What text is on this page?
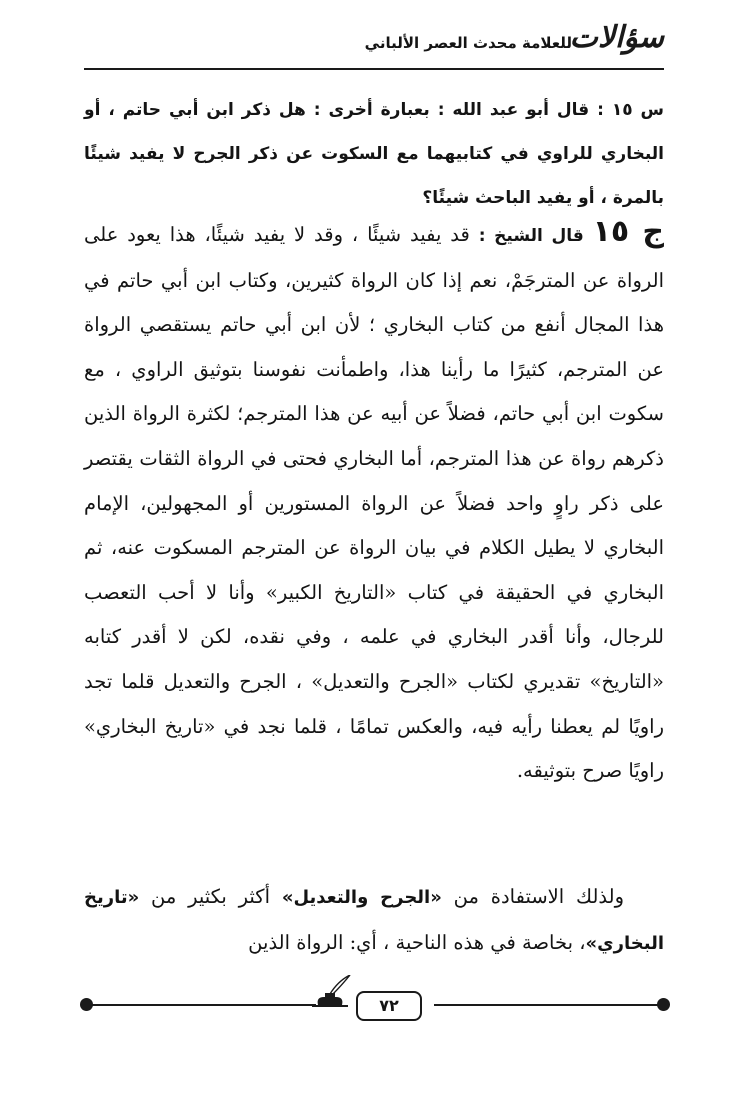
سؤالات
للعلامة محدث العصر الألباني
س ١٥ : قال أبو عبد الله : بعبارة أخرى : هل ذكر ابن أبي حاتم ، أو البخاري للراوي في كتابيهما مع السكوت عن ذكر الجرح لا يفيد شيئًا بالمرة ، أو يفيد الباحث شيئًا؟
ج ١٥ قال الشيخ : قد يفيد شيئًا ، وقد لا يفيد شيئًا، هذا يعود على الرواة عن المترجَمْ، نعم إذا كان الرواة كثيرين، وكتاب ابن أبي حاتم في هذا المجال أنفع من كتاب البخاري ؛ لأن ابن أبي حاتم يستقصي الرواة عن المترجم، كثيرًا ما رأينا هذا، واطمأنت نفوسنا بتوثيق الراوي ، مع سكوت ابن أبي حاتم، فضلاً عن أبيه عن هذا المترجم؛ لكثرة الرواة الذين ذكرهم رواة عن هذا المترجم، أما البخاري فحتى في الرواة الثقات يقتصر على ذكر راوٍ واحد فضلاً عن الرواة المستورين أو المجهولين، الإمام البخاري لا يطيل الكلام في بيان الرواة عن المترجم المسكوت عنه، ثم البخاري في الحقيقة في كتاب «التاريخ الكبير» وأنا لا أحب التعصب للرجال، وأنا أقدر البخاري في علمه ، وفي نقده، لكن لا أقدر كتابه «التاريخ» تقديري لكتاب «الجرح والتعديل» ، الجرح والتعديل قلما تجد راويًا لم يعطنا رأيه فيه، والعكس تمامًا ، قلما نجد في «تاريخ البخاري» راويًا صرح بتوثيقه.
ولذلك الاستفادة من «الجرح والتعديل» أكثر بكثير من «تاريخ البخاري»، بخاصة في هذه الناحية ، أي: الرواة الذين
٧٢
